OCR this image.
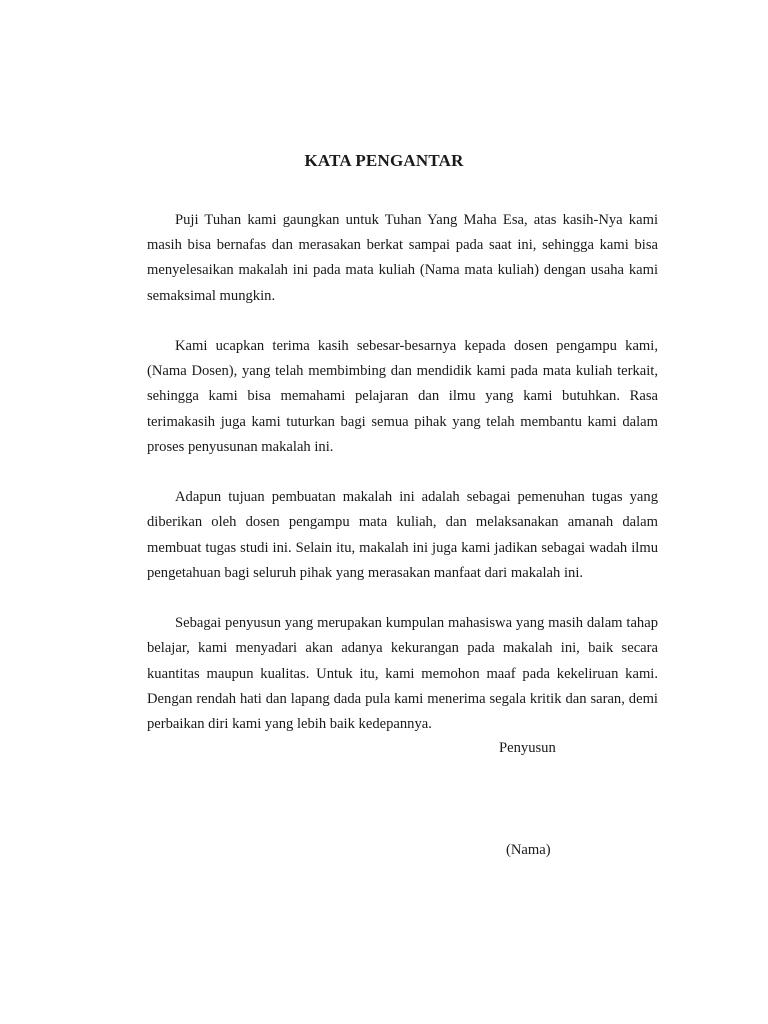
KATA PENGANTAR

Puji Tuhan kami gaungkan untuk Tuhan Yang Maha Esa, atas kasih-Nya kami masih bisa bernafas dan merasakan berkat sampai pada saat ini, sehingga kami bisa menyelesaikan makalah ini pada mata kuliah (Nama mata kuliah) dengan usaha kami semaksimal mungkin.

Kami ucapkan terima kasih sebesar-besarnya kepada dosen pengampu kami, (Nama Dosen), yang telah membimbing dan mendidik kami pada mata kuliah terkait, sehingga kami bisa memahami pelajaran dan ilmu yang kami butuhkan. Rasa terimakasih juga kami tuturkan bagi semua pihak yang telah membantu kami dalam proses penyusunan makalah ini.

Adapun tujuan pembuatan makalah ini adalah sebagai pemenuhan tugas yang diberikan oleh dosen pengampu mata kuliah, dan melaksanakan amanah dalam membuat tugas studi ini. Selain itu, makalah ini juga kami jadikan sebagai wadah ilmu pengetahuan bagi seluruh pihak yang merasakan manfaat dari makalah ini.

Sebagai penyusun yang merupakan kumpulan mahasiswa yang masih dalam tahap belajar, kami menyadari akan adanya kekurangan pada makalah ini, baik secara kuantitas maupun kualitas. Untuk itu, kami memohon maaf pada kekeliruan kami. Dengan rendah hati dan lapang dada pula kami menerima segala kritik dan saran, demi perbaikan diri kami yang lebih baik kedepannya.

Penyusun
(Nama)
